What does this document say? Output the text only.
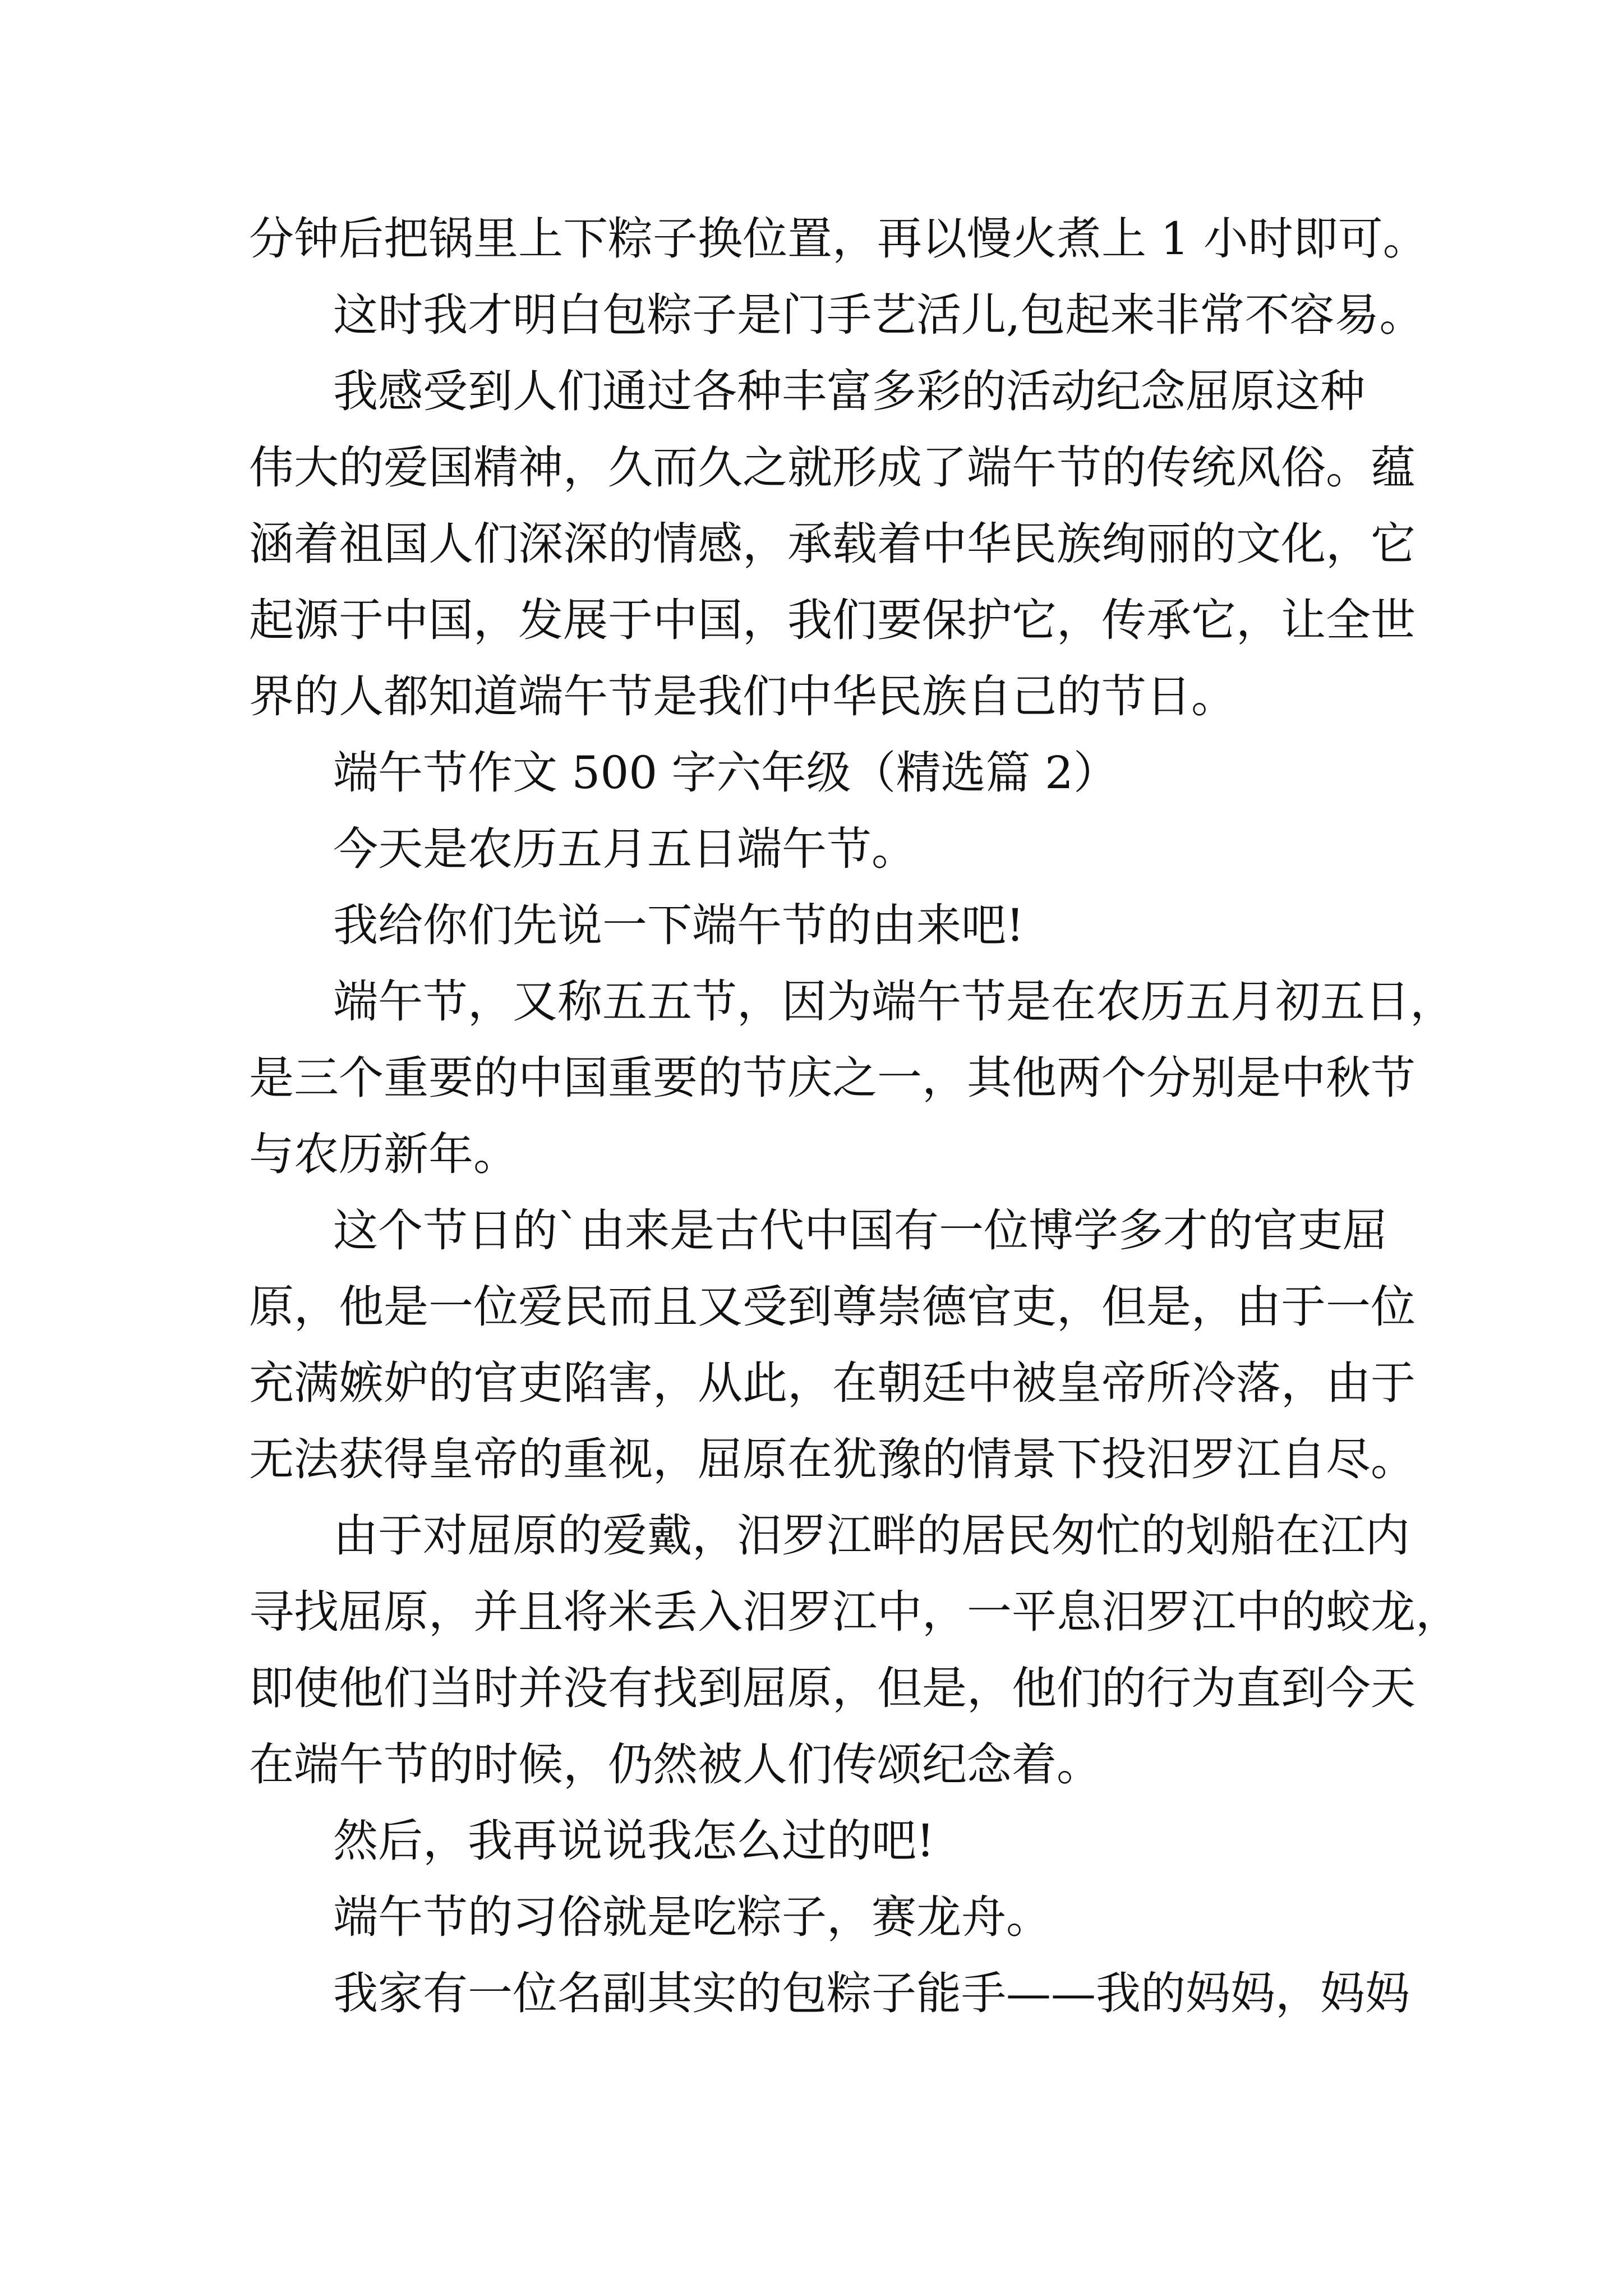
分钟后把锅里上下粽子换位置，再以慢火煮上 1 小时即可。
这时我才明白包粽子是门手艺活儿,包起来非常不容易。
我感受到人们通过各种丰富多彩的活动纪念屈原这种
伟大的爱国精神，久而久之就形成了端午节的传统风俗。蕴
涵着祖国人们深深的情感，承载着中华民族绚丽的文化，它
起源于中国，发展于中国，我们要保护它，传承它，让全世
界的人都知道端午节是我们中华民族自己的节日。
端午节作文 500 字六年级（精选篇 2）
今天是农历五月五日端午节。
我给你们先说一下端午节的由来吧!
端午节，又称五五节，因为端午节是在农历五月初五日，
是三个重要的中国重要的节庆之一，其他两个分别是中秋节
与农历新年。
这个节日的`由来是古代中国有一位博学多才的官吏屈
原，他是一位爱民而且又受到尊崇德官吏，但是，由于一位
充满嫉妒的官吏陷害，从此，在朝廷中被皇帝所冷落，由于
无法获得皇帝的重视，屈原在犹豫的情景下投汨罗江自尽。
由于对屈原的爱戴，汨罗江畔的居民匆忙的划船在江内
寻找屈原，并且将米丢入汨罗江中，一平息汨罗江中的蛟龙，
即使他们当时并没有找到屈原，但是，他们的行为直到今天
在端午节的时候，仍然被人们传颂纪念着。
然后，我再说说我怎么过的吧!
端午节的习俗就是吃粽子，赛龙舟。
我家有一位名副其实的包粽子能手——我的妈妈，妈妈
